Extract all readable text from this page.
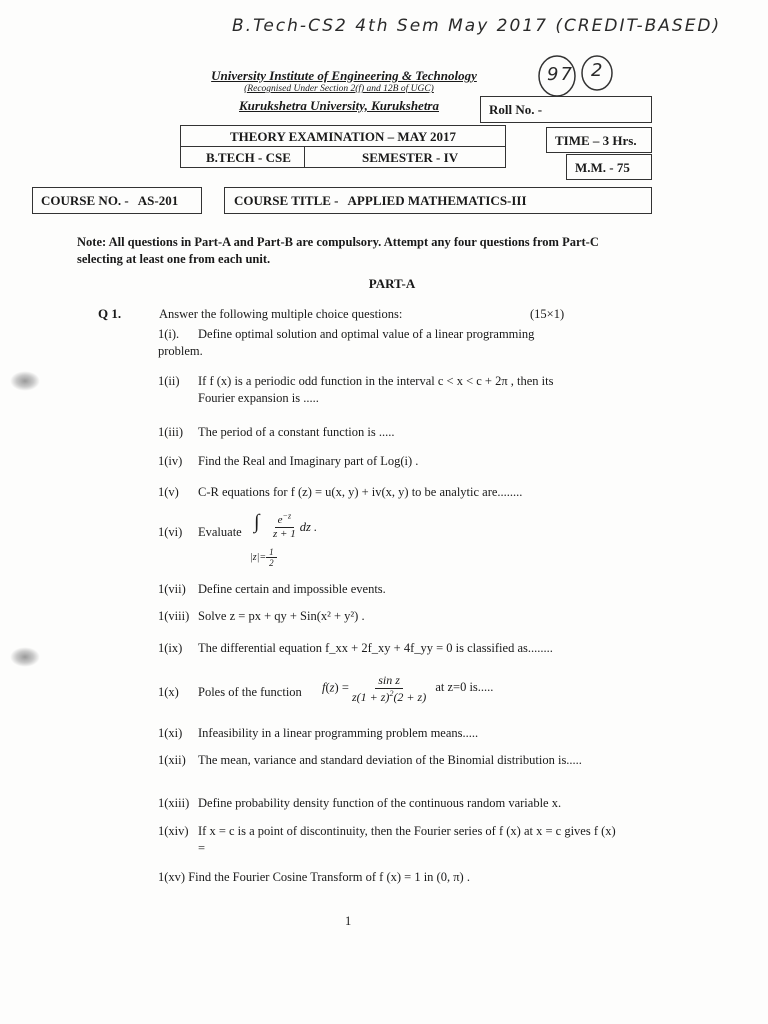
B.Tech-CS2 4th Sem May 2017 (CREDIT-BASED)
97 2
University Institute of Engineering & Technology
(Recognised Under Section 2(f) and 12B of UGC)
Kurukshetra University, Kurukshetra	Roll No. -
THEORY EXAMINATION – MAY 2017
B.TECH - CSE	SEMESTER - IV
TIME – 3 Hrs.
M.M. - 75
COURSE NO. -   AS-201	COURSE TITLE -   APPLIED MATHEMATICS-III
Note: All questions in Part-A and Part-B are compulsory. Attempt any four questions from Part-C selecting at least one from each unit.
PART-A
Q 1.	Answer the following multiple choice questions:	(15×1)
1(i). Define optimal solution and optimal value of a linear programming problem.
1(ii)	If f (x) is a periodic odd function in the interval c < x < c + 2π , then its Fourier expansion is .....
1(iii) The period of a constant function is .....
1(iv) Find the Real and Imaginary part of Log(i) .
1(v) C-R equations for f (z) = u(x, y) + iv(x, y) to be analytic are........
1(vi) Evaluate ∫
$|z|= \frac{1}{2}$
$\frac{e^{-z}}{z + 1}$ dz .
1(vii) Define certain and impossible events.
1(viii) Solve z = px + qy + Sin(x² + y²) .
1(ix) The differential equation f_xx + 2f_xy + 4f_yy = 0 is classified as........
1(x) Poles of the function $f(z) = \frac{\text{sin z}}{z(1 + z)^2(2 + z)}$ at z=0 is.....
1(xi) Infeasibility in a linear programming problem means.....
1(xii) The mean, variance and standard deviation of the Binomial distribution is.....
1(xiii) Define probability density function of the continuous random variable x.
1(xiv) If x = c is a point of discontinuity, then the Fourier series of f (x) at x = c gives f (x) =
1(xv) Find the Fourier Cosine Transform of f (x) = 1 in (0, π) .
1
